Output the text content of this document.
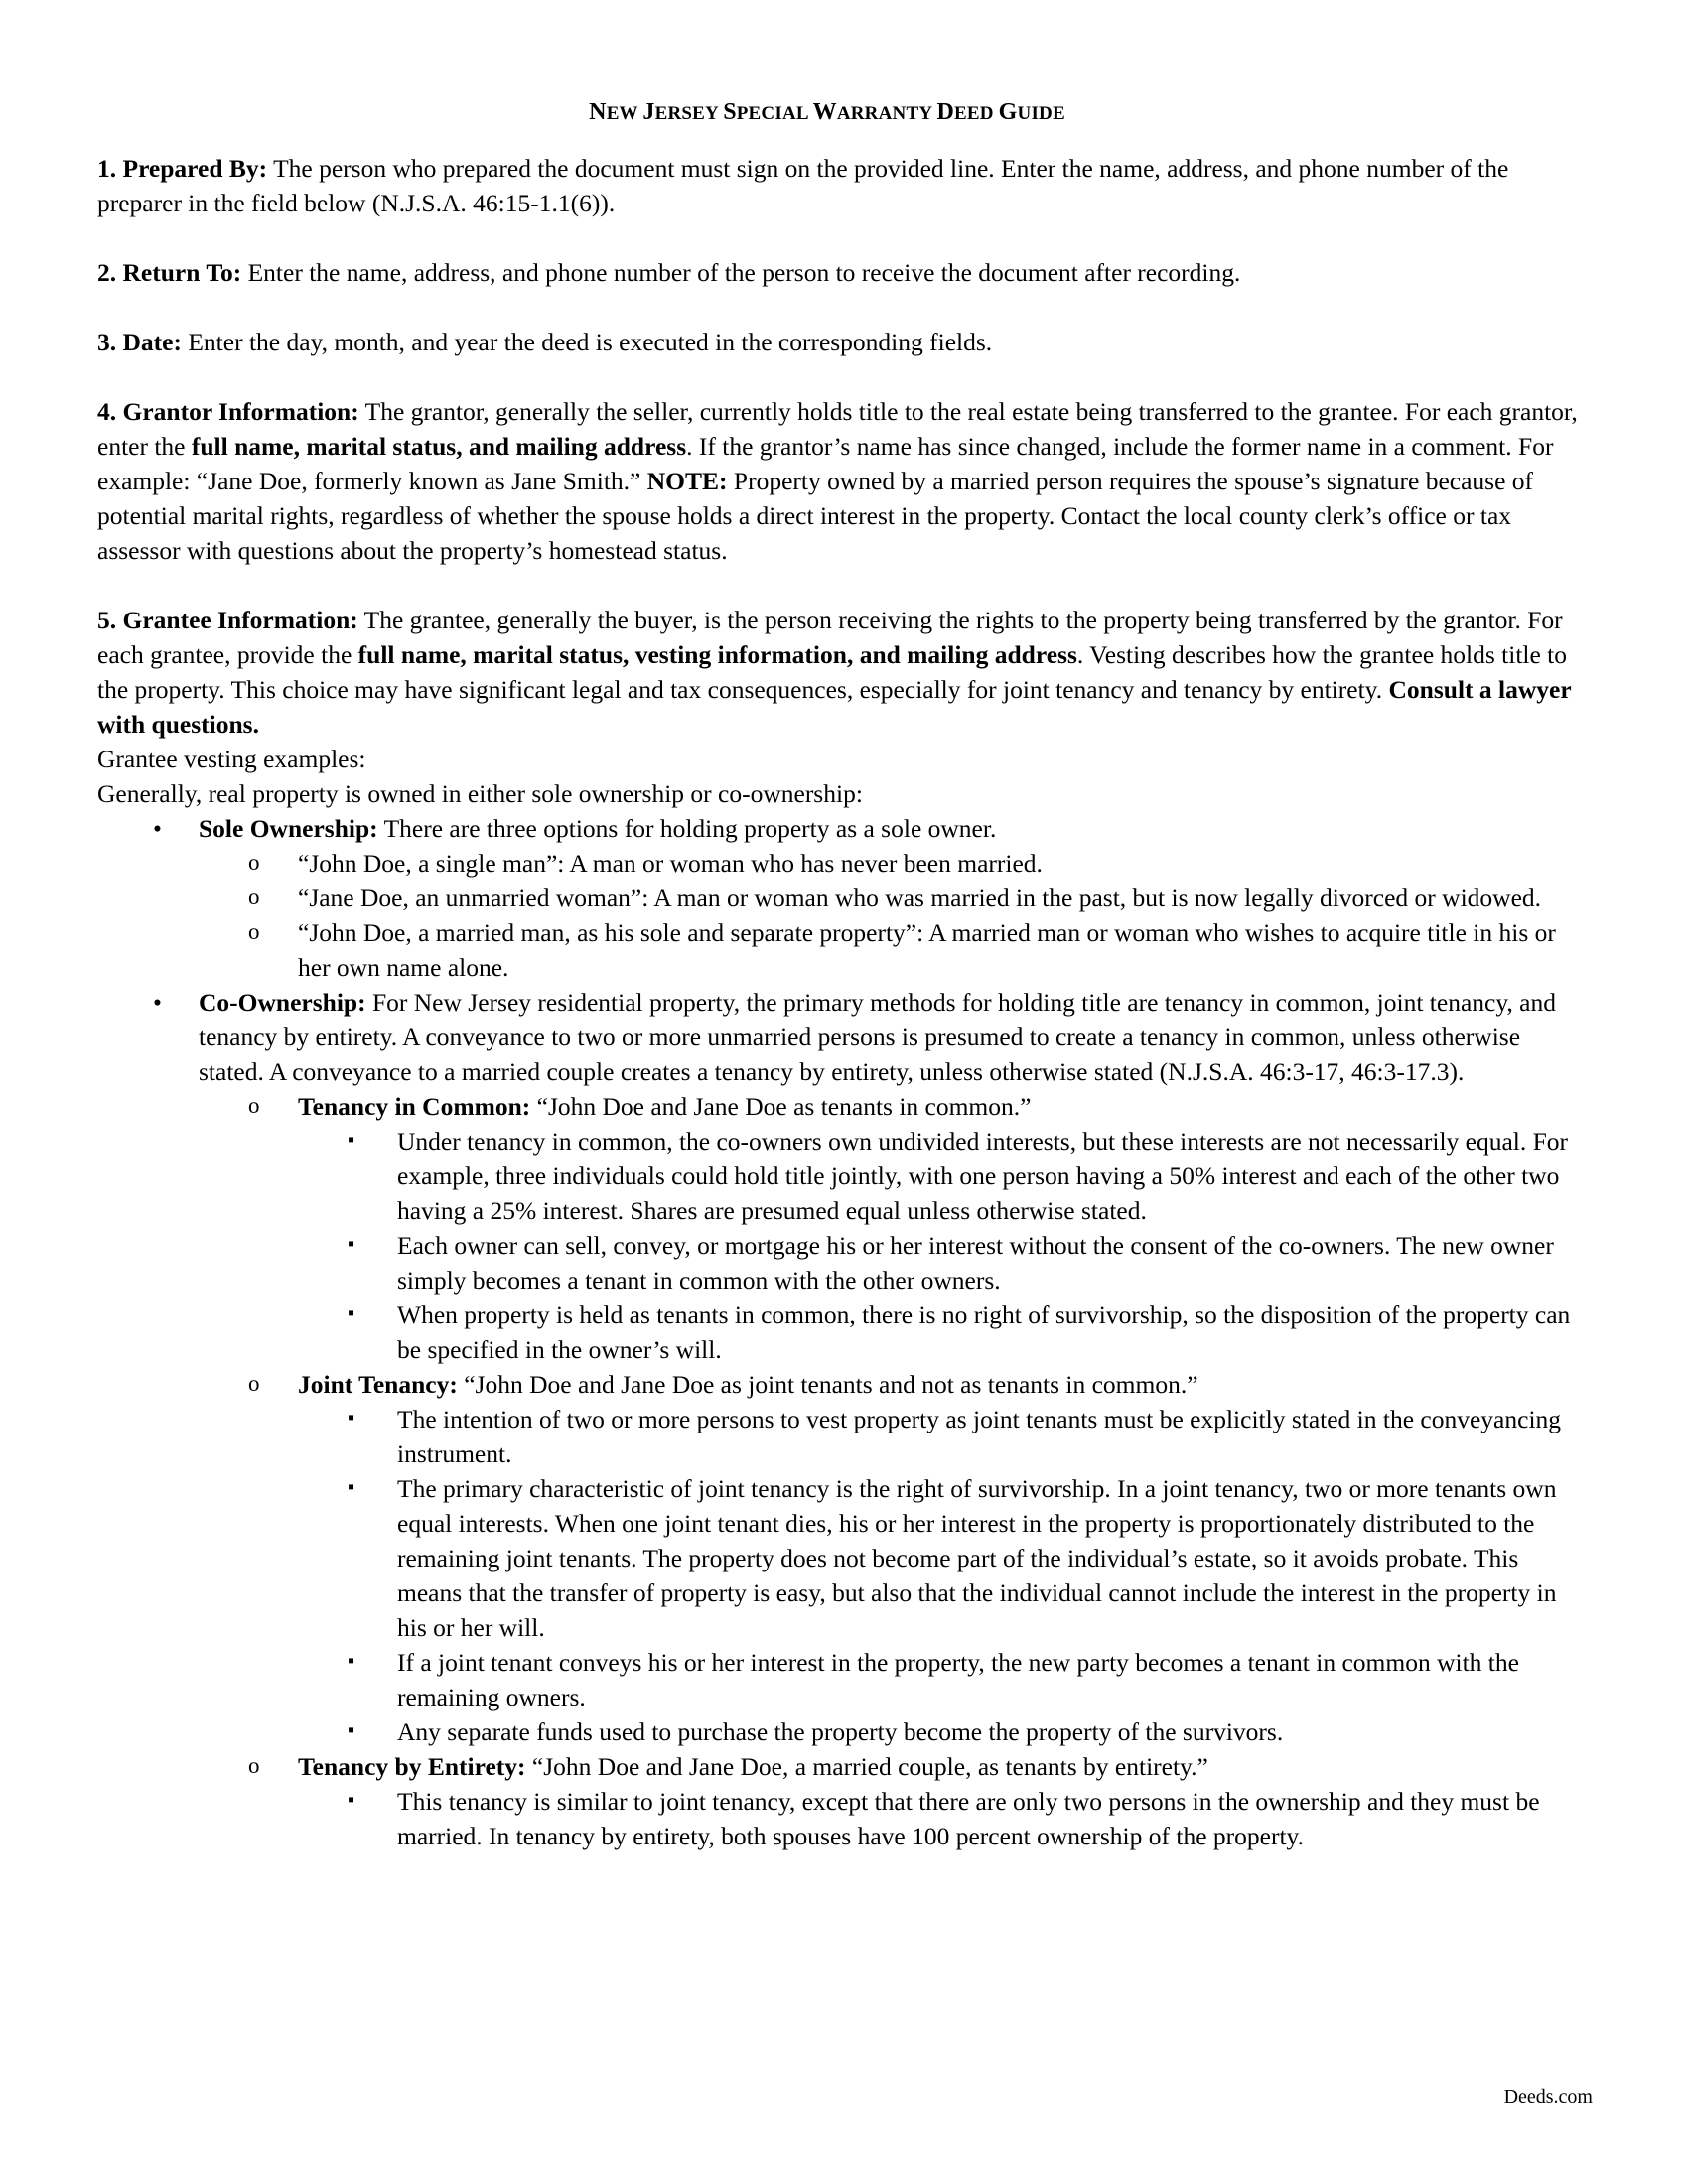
NEW JERSEY SPECIAL WARRANTY DEED GUIDE

1. Prepared By: The person who prepared the document must sign on the provided line. Enter the name, address, and phone number of the preparer in the field below (N.J.S.A. 46:15-1.1(6)).

2. Return To: Enter the name, address, and phone number of the person to receive the document after recording.

3. Date: Enter the day, month, and year the deed is executed in the corresponding fields.

4. Grantor Information: The grantor, generally the seller, currently holds title to the real estate being transferred to the grantee. For each grantor, enter the full name, marital status, and mailing address. If the grantor’s name has since changed, include the former name in a comment. For example: “Jane Doe, formerly known as Jane Smith.” NOTE: Property owned by a married person requires the spouse’s signature because of potential marital rights, regardless of whether the spouse holds a direct interest in the property. Contact the local county clerk’s office or tax assessor with questions about the property’s homestead status.

5. Grantee Information: The grantee, generally the buyer, is the person receiving the rights to the property being transferred by the grantor. For each grantee, provide the full name, marital status, vesting information, and mailing address. Vesting describes how the grantee holds title to the property. This choice may have significant legal and tax consequences, especially for joint tenancy and tenancy by entirety. Consult a lawyer with questions.

Grantee vesting examples:
Generally, real property is owned in either sole ownership or co-ownership:
• Sole Ownership: There are three options for holding property as a sole owner.
o “John Doe, a single man”: A man or woman who has never been married.
o “Jane Doe, an unmarried woman”: A man or woman who was married in the past, but is now legally divorced or widowed.
o “John Doe, a married man, as his sole and separate property”: A married man or woman who wishes to acquire title in his or her own name alone.
• Co-Ownership: For New Jersey residential property, the primary methods for holding title are tenancy in common, joint tenancy, and tenancy by entirety. A conveyance to two or more unmarried persons is presumed to create a tenancy in common, unless otherwise stated. A conveyance to a married couple creates a tenancy by entirety, unless otherwise stated (N.J.S.A. 46:3-17, 46:3-17.3).
o Tenancy in Common: “John Doe and Jane Doe as tenants in common.”
▪ Under tenancy in common, the co-owners own undivided interests, but these interests are not necessarily equal. For example, three individuals could hold title jointly, with one person having a 50% interest and each of the other two having a 25% interest. Shares are presumed equal unless otherwise stated.
▪ Each owner can sell, convey, or mortgage his or her interest without the consent of the co-owners. The new owner simply becomes a tenant in common with the other owners.
▪ When property is held as tenants in common, there is no right of survivorship, so the disposition of the property can be specified in the owner’s will.
o Joint Tenancy: “John Doe and Jane Doe as joint tenants and not as tenants in common.”
▪ The intention of two or more persons to vest property as joint tenants must be explicitly stated in the conveyancing instrument.
▪ The primary characteristic of joint tenancy is the right of survivorship. In a joint tenancy, two or more tenants own equal interests. When one joint tenant dies, his or her interest in the property is proportionately distributed to the remaining joint tenants. The property does not become part of the individual’s estate, so it avoids probate. This means that the transfer of property is easy, but also that the individual cannot include the interest in the property in his or her will.
▪ If a joint tenant conveys his or her interest in the property, the new party becomes a tenant in common with the remaining owners.
▪ Any separate funds used to purchase the property become the property of the survivors.
o Tenancy by Entirety: “John Doe and Jane Doe, a married couple, as tenants by entirety.”
▪ This tenancy is similar to joint tenancy, except that there are only two persons in the ownership and they must be married. In tenancy by entirety, both spouses have 100 percent ownership of the property.
Deeds.com
